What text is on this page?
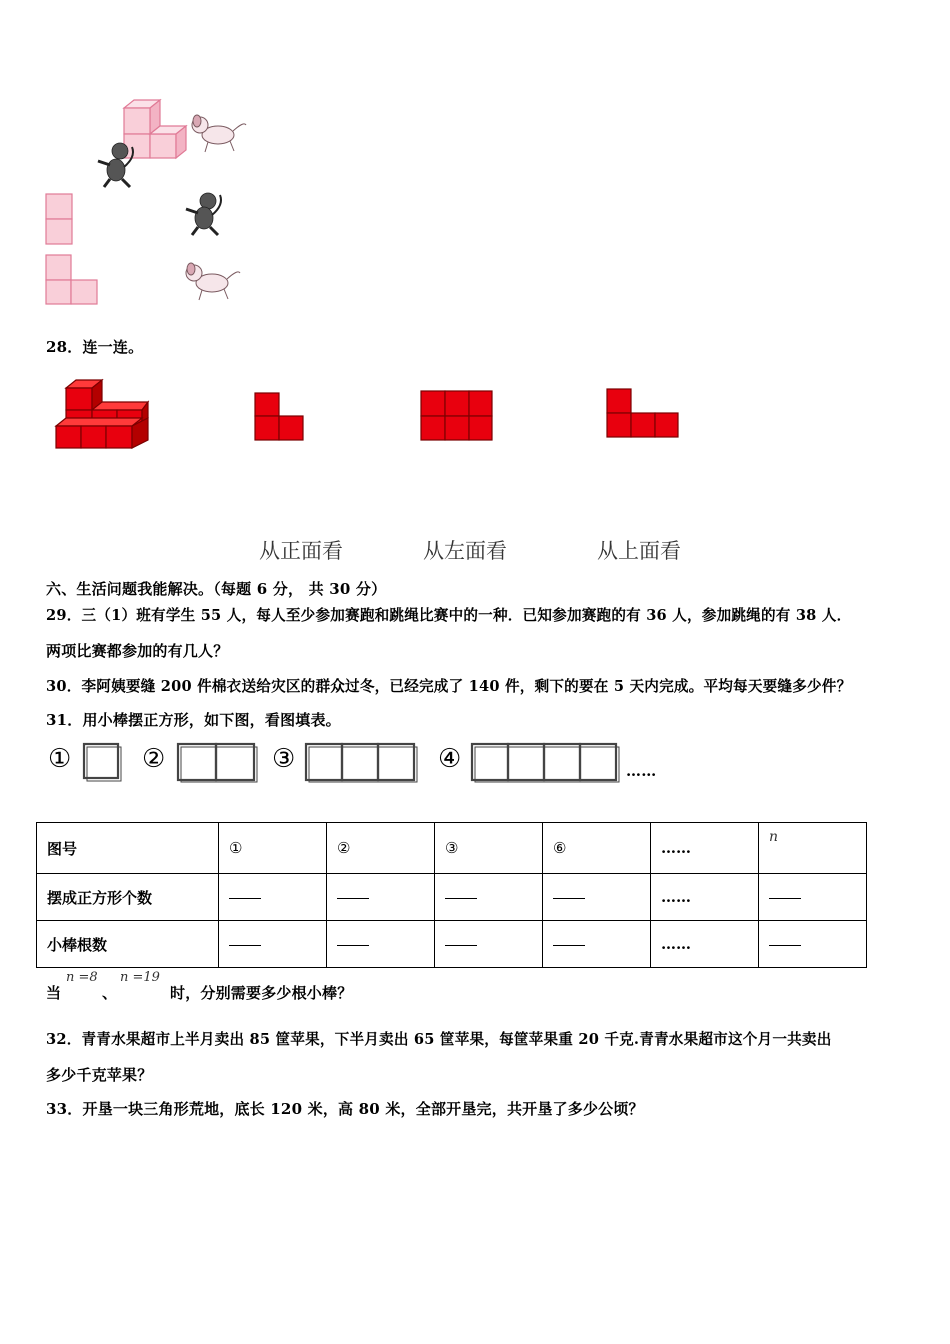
28．连一连。
从正面看	从左面看	从上面看
六、生活问题我能解决。（每题 6 分， 共 30 分）
29．三（1）班有学生 55 人，每人至少参加赛跑和跳绳比赛中的一种．已知参加赛跑的有 36 人，参加跳绳的有 38 人．
两项比赛都参加的有几人？
30．李阿姨要缝 200 件棉衣送给灾区的群众过冬，已经完成了 140 件，剩下的要在 5 天内完成。平均每天要缝多少件？
31．用小棒摆正方形，如下图，看图填表。
①	②	③	④	……
图号	①	②	③	⑥	……	n
摆成正方形个数					……	
小棒根数					……	
当
n =8
、
n =19
时，分别需要多少根小棒？
32．青青水果超市上半月卖出 85 筐苹果，下半月卖出 65 筐苹果，每筐苹果重 20 千克.青青水果超市这个月一共卖出
多少千克苹果？
33．开垦一块三角形荒地，底长 120 米，高 80 米，全部开垦完，共开垦了多少公顷？
